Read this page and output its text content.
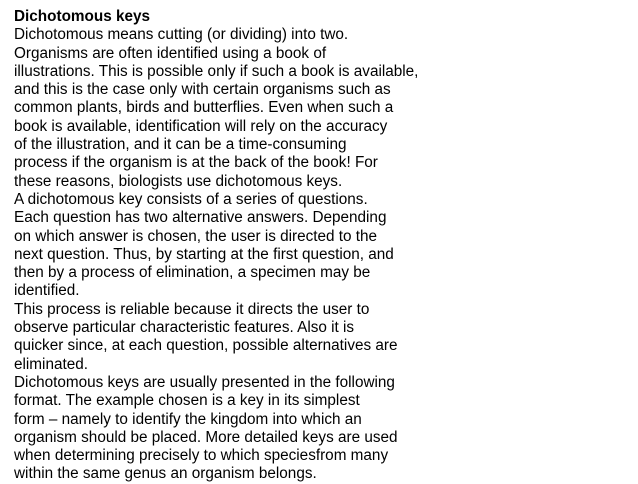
Dichotomous keys
Dichotomous means cutting (or dividing) into two.
Organisms are often identified using a book of
illustrations. This is possible only if such a book is available,
and this is the case only with certain organisms such as
common plants, birds and butterflies. Even when such a
book is available, identification will rely on the accuracy
of the illustration, and it can be a time-consuming
process if the organism is at the back of the book! For
these reasons, biologists use dichotomous keys.
A dichotomous key consists of a series of questions.
Each question has two alternative answers. Depending
on which answer is chosen, the user is directed to the
next question. Thus, by starting at the first question, and
then by a process of elimination, a specimen may be
identified.
This process is reliable because it directs the user to
observe particular characteristic features. Also it is
quicker since, at each question, possible alternatives are
eliminated.
Dichotomous keys are usually presented in the following
format. The example chosen is a key in its simplest
form – namely to identify the kingdom into which an
organism should be placed. More detailed keys are used
when determining precisely to which speciesfrom many
within the same genus an organism belongs.
